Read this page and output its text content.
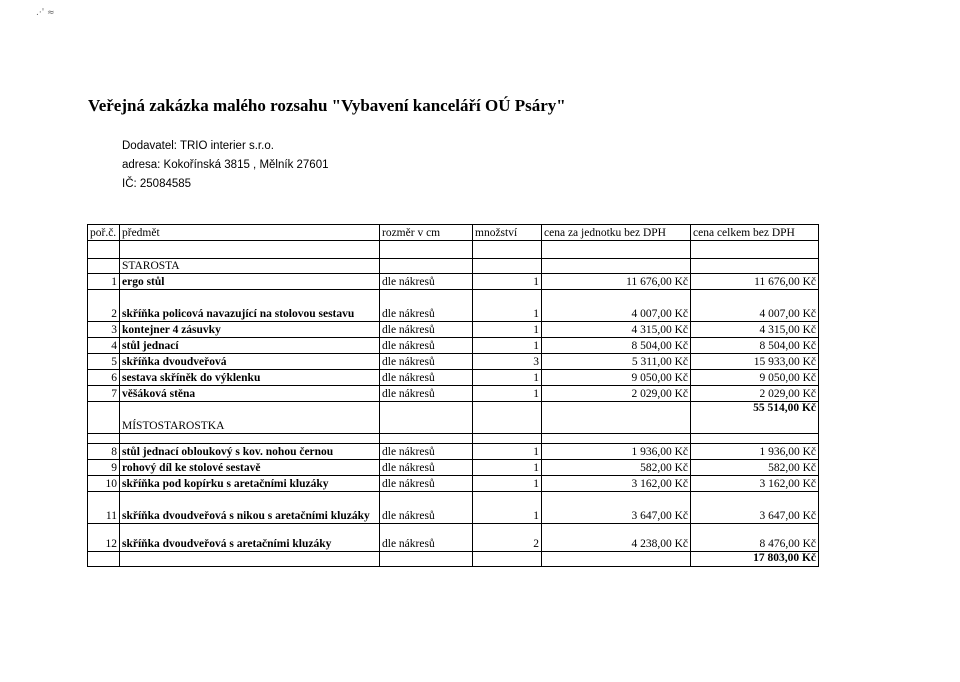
.·' ≈
Veřejná zakázka malého rozsahu "Vybavení kanceláří OÚ Psáry"
Dodavatel: TRIO interier s.r.o.
adresa: Kokořínská 3815 , Mělník 27601
IČ: 25084585
poř.č.	předmět	rozměr v cm	množství	cena za jednotku bez DPH	cena celkem bez DPH

	STAROSTA				
1	ergo stůl	dle nákresů	1	11 676,00 Kč	11 676,00 Kč
2	skříňka policová navazující na stolovou sestavu	dle nákresů	1	4 007,00 Kč	4 007,00 Kč
3	kontejner 4 zásuvky	dle nákresů	1	4 315,00 Kč	4 315,00 Kč
4	stůl jednací	dle nákresů	1	8 504,00 Kč	8 504,00 Kč
5	skříňka dvoudveřová	dle nákresů	3	5 311,00 Kč	15 933,00 Kč
6	sestava skříněk do výklenku	dle nákresů	1	9 050,00 Kč	9 050,00 Kč
7	věšáková stěna	dle nákresů	1	2 029,00 Kč	2 029,00 Kč
	MÍSTOSTAROSTKA				55 514,00 Kč

8	stůl jednací obloukový s kov. nohou černou	dle nákresů	1	1 936,00 Kč	1 936,00 Kč
9	rohový díl ke stolové sestavě	dle nákresů	1	582,00 Kč	582,00 Kč
10	skříňka pod kopírku s aretačními kluzáky	dle nákresů	1	3 162,00 Kč	3 162,00 Kč
11	skříňka dvoudveřová s nikou s aretačními kluzáky	dle nákresů	1	3 647,00 Kč	3 647,00 Kč
12	skříňka dvoudveřová s aretačními kluzáky	dle nákresů	2	4 238,00 Kč	8 476,00 Kč
					17 803,00 Kč
